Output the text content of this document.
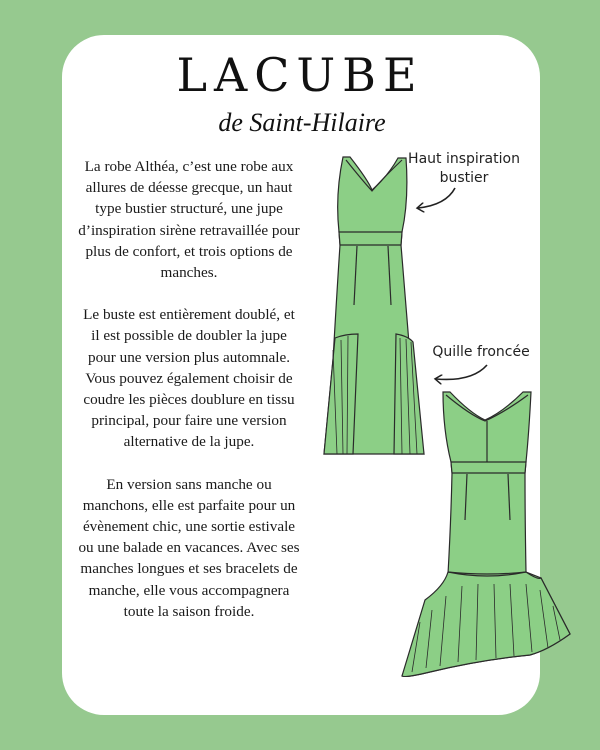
LACUBE
de Saint-Hilaire

La robe Althéa, c’est une robe aux allures de déesse grecque, un haut type bustier structuré, une jupe d’inspiration sirène retravaillée pour plus de confort, et trois options de manches.

Le buste est entièrement doublé, et il est possible de doubler la jupe pour une version plus automnale. Vous pouvez également choisir de coudre les pièces doublure en tissu principal, pour faire une version alternative de la jupe.

En version sans manche ou manchons, elle est parfaite pour un évènement chic, une sortie estivale ou une balade en vacances. Avec ses manches longues et ses bracelets de manche, elle vous accompagnera toute la saison froide.

Haut inspiration
bustier
Quille froncée
